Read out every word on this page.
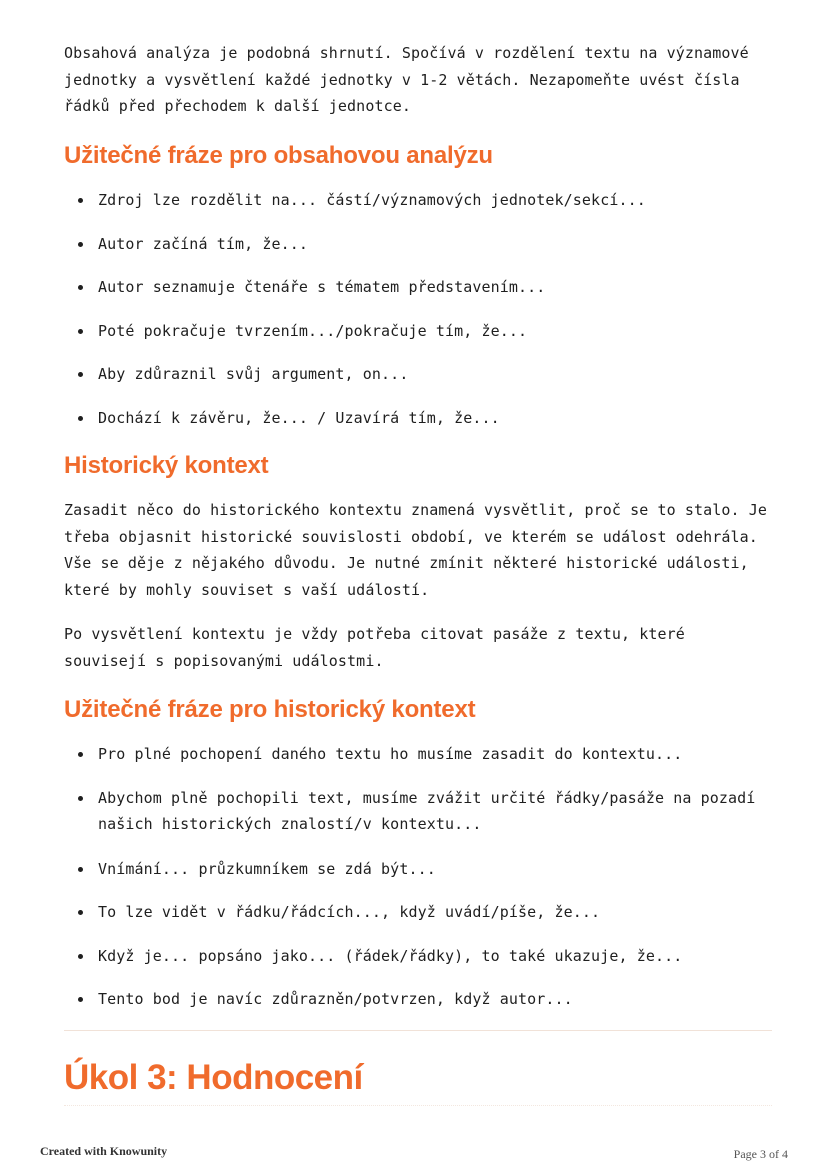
Obsahová analýza je podobná shrnutí. Spočívá v rozdělení textu na významové jednotky a vysvětlení každé jednotky v 1-2 větách. Nezapomeňte uvést čísla řádků před přechodem k další jednotce.

Užitečné fráze pro obsahovou analýzu
Zdroj lze rozdělit na... částí/významových jednotek/sekcí...
Autor začíná tím, že...
Autor seznamuje čtenáře s tématem představením...
Poté pokračuje tvrzením.../pokračuje tím, že...
Aby zdůraznil svůj argument, on...
Dochází k závěru, že... / Uzavírá tím, že...
Historický kontext

Zasadit něco do historického kontextu znamená vysvětlit, proč se to stalo. Je třeba objasnit historické souvislosti období, ve kterém se událost odehrála. Vše se děje z nějakého důvodu. Je nutné zmínit některé historické události, které by mohly souviset s vaší událostí.

Po vysvětlení kontextu je vždy potřeba citovat pasáže z textu, které souvisejí s popisovanými událostmi.

Užitečné fráze pro historický kontext
Pro plné pochopení daného textu ho musíme zasadit do kontextu...
Abychom plně pochopili text, musíme zvážit určité řádky/pasáže na pozadí našich historických znalostí/v kontextu...
Vnímání... průzkumníkem se zdá být...
To lze vidět v řádku/řádcích..., když uvádí/píše, že...
Když je... popsáno jako... (řádek/řádky), to také ukazuje, že...
Tento bod je navíc zdůrazněn/potvrzen, když autor...
Úkol 3: Hodnocení
Created with Knowunity	Page 3 of 4
